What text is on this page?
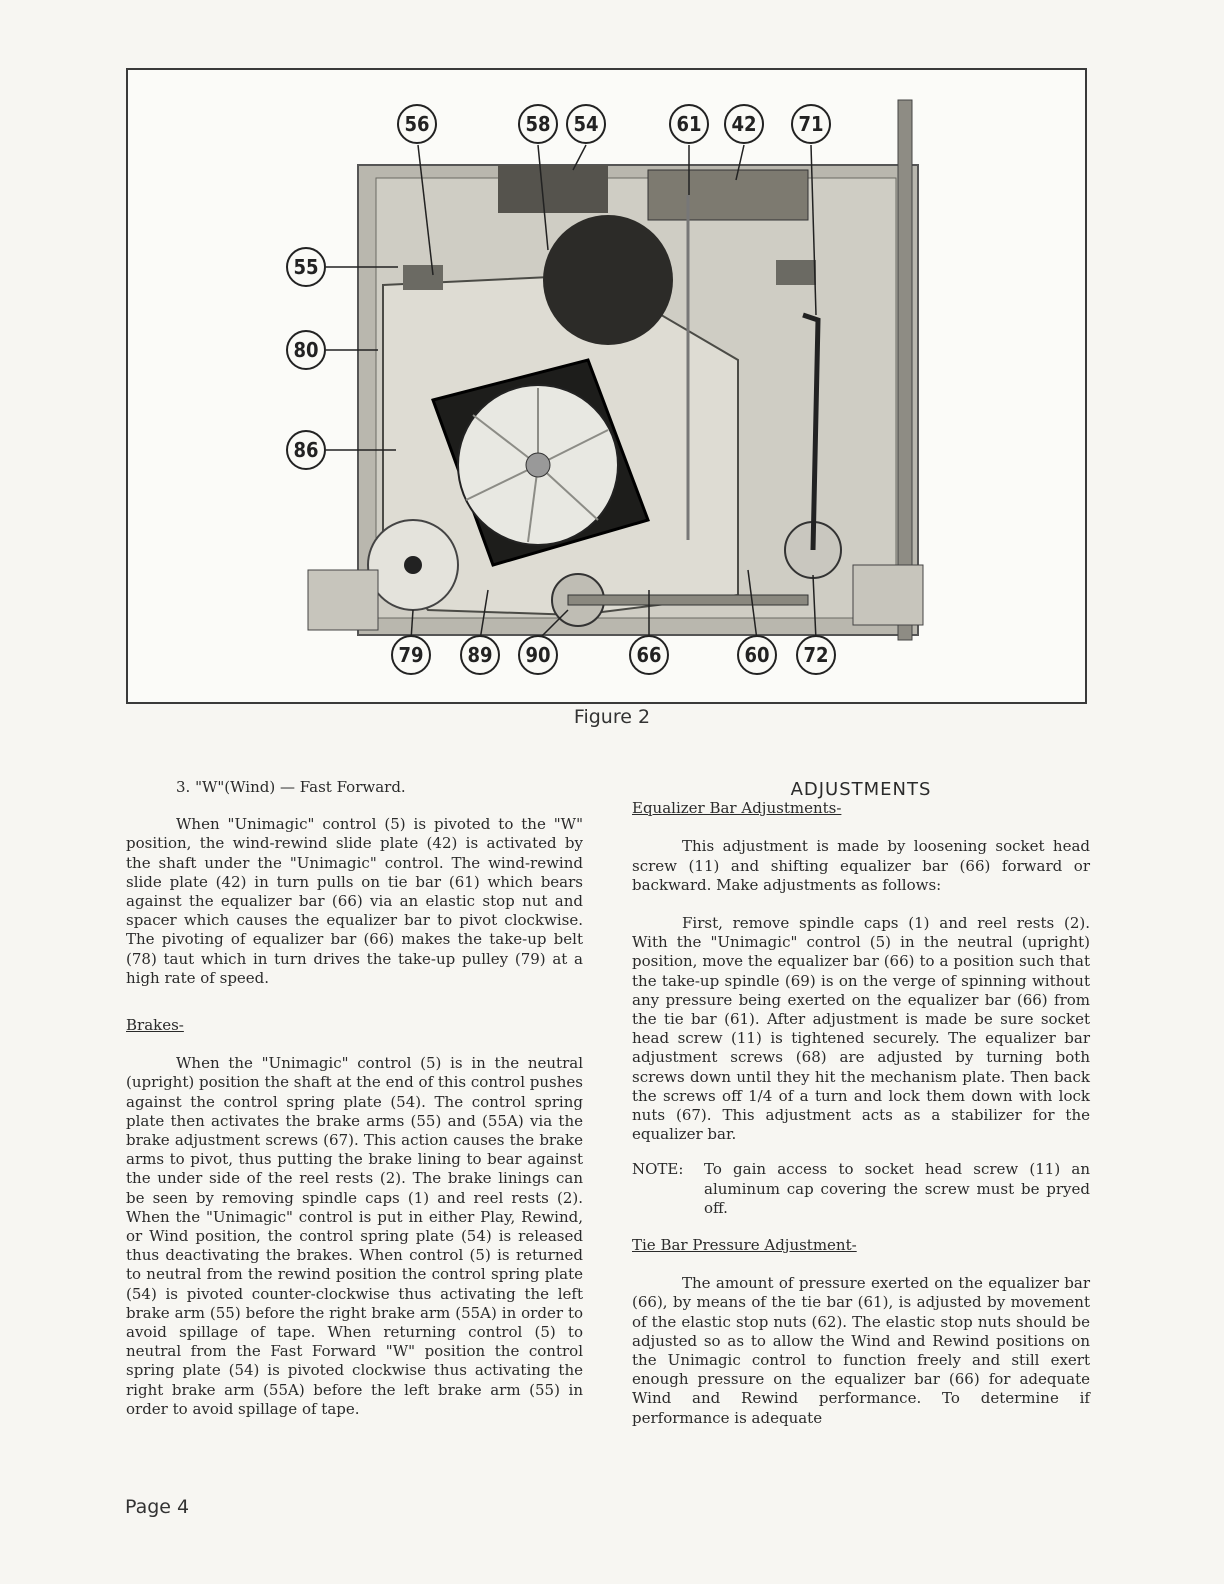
56	58 54	61 42 71
55
80
86
79 89 90	66	60 72
Figure 2

3. "W"(Wind) — Fast Forward.

When "Unimagic" control (5) is pivoted to the "W" position, the wind-rewind slide plate (42) is activated by the shaft under the "Unimagic" control. The wind-rewind slide plate (42) in turn pulls on tie bar (61) which bears against the equalizer bar (66) via an elastic stop nut and spacer which causes the equalizer bar to pivot clockwise. The pivoting of equalizer bar (66) makes the take-up belt (78) taut which in turn drives the take-up pulley (79) at a high rate of speed.

Brakes-

When the "Unimagic" control (5) is in the neutral (upright) position the shaft at the end of this control pushes against the control spring plate (54). The control spring plate then activates the brake arms (55) and (55A) via the brake adjustment screws (67). This action causes the brake arms to pivot, thus putting the brake lining to bear against the under side of the reel rests (2). The brake linings can be seen by removing spindle caps (1) and reel rests (2). When the "Unimagic" control is put in either Play, Rewind, or Wind position, the control spring plate (54) is released thus deactivating the brakes. When control (5) is returned to neutral from the rewind position the control spring plate (54) is pivoted counter-clockwise thus activating the left brake arm (55) before the right brake arm (55A) in order to avoid spillage of tape. When returning control (5) to neutral from the Fast Forward "W" position the control spring plate (54) is pivoted clockwise thus activating the right brake arm (55A) before the left brake arm (55) in order to avoid spillage of tape.

ADJUSTMENTS

Equalizer Bar Adjustments-

This adjustment is made by loosening socket head screw (11) and shifting equalizer bar (66) forward or backward. Make adjustments as follows:

First, remove spindle caps (1) and reel rests (2). With the "Unimagic" control (5) in the neutral (upright) position, move the equalizer bar (66) to a position such that the take-up spindle (69) is on the verge of spinning without any pressure being exerted on the equalizer bar (66) from the tie bar (61). After adjustment is made be sure socket head screw (11) is tightened securely. The equalizer bar adjustment screws (68) are adjusted by turning both screws down until they hit the mechanism plate. Then back the screws off 1/4 of a turn and lock them down with lock nuts (67). This adjustment acts as a stabilizer for the equalizer bar.

NOTE:	To gain access to socket head screw (11) an aluminum cap covering the screw must be pryed off.

Tie Bar Pressure Adjustment-

The amount of pressure exerted on the equalizer bar (66), by means of the tie bar (61), is adjusted by movement of the elastic stop nuts (62). The elastic stop nuts should be adjusted so as to allow the Wind and Rewind positions on the Unimagic control to function freely and still exert enough pressure on the equalizer bar (66) for adequate Wind and Rewind performance. To determine if performance is adequate

Page 4
